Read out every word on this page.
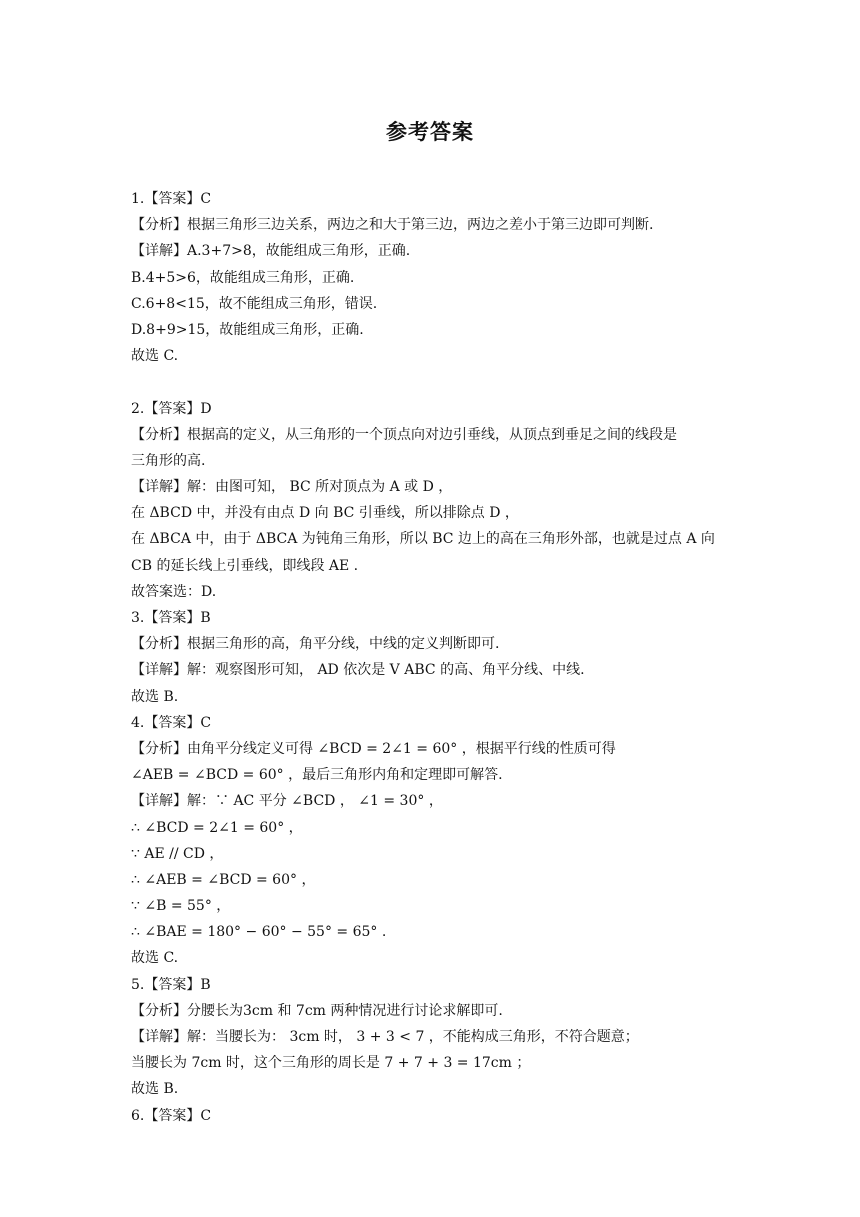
参考答案
1.【答案】C
【分析】根据三角形三边关系，两边之和大于第三边，两边之差小于第三边即可判断.
【详解】A.3+7>8，故能组成三角形，正确.
B.4+5>6，故能组成三角形，正确.
C.6+8<15，故不能组成三角形，错误.
D.8+9>15，故能组成三角形，正确.
故选 C.
2.【答案】D
【分析】根据高的定义，从三角形的一个顶点向对边引垂线，从顶点到垂足之间的线段是
三角形的高.
【详解】解：由图可知， BC 所对顶点为 A 或 D ，
在 ΔBCD 中，并没有由点 D 向 BC 引垂线，所以排除点 D ，
在 ΔBCA 中，由于 ΔBCA 为钝角三角形，所以 BC 边上的高在三角形外部，也就是过点 A 向
CB 的延长线上引垂线，即线段 AE .
故答案选：D.
3.【答案】B
【分析】根据三角形的高，角平分线，中线的定义判断即可.
【详解】解：观察图形可知， AD 依次是 V ABC 的高、角平分线、中线.
故选 B.
4.【答案】C
【分析】由角平分线定义可得 ∠BCD = 2∠1 = 60° ，根据平行线的性质可得
∠AEB = ∠BCD = 60° ，最后三角形内角和定理即可解答.
【详解】解：∵ AC 平分 ∠BCD ， ∠1 = 30° ，
∴ ∠BCD = 2∠1 = 60° ，
∵ AE // CD ，
∴ ∠AEB = ∠BCD = 60° ，
∵ ∠B = 55° ，
∴ ∠BAE = 180° − 60° − 55° = 65° .
故选 C.
5.【答案】B
【分析】分腰长为3cm 和 7cm 两种情况进行讨论求解即可.
【详解】解：当腰长为： 3cm 时， 3 + 3 < 7 ，不能构成三角形，不符合题意；
当腰长为 7cm 时，这个三角形的周长是 7 + 7 + 3 = 17cm ；
故选 B.
6.【答案】C
